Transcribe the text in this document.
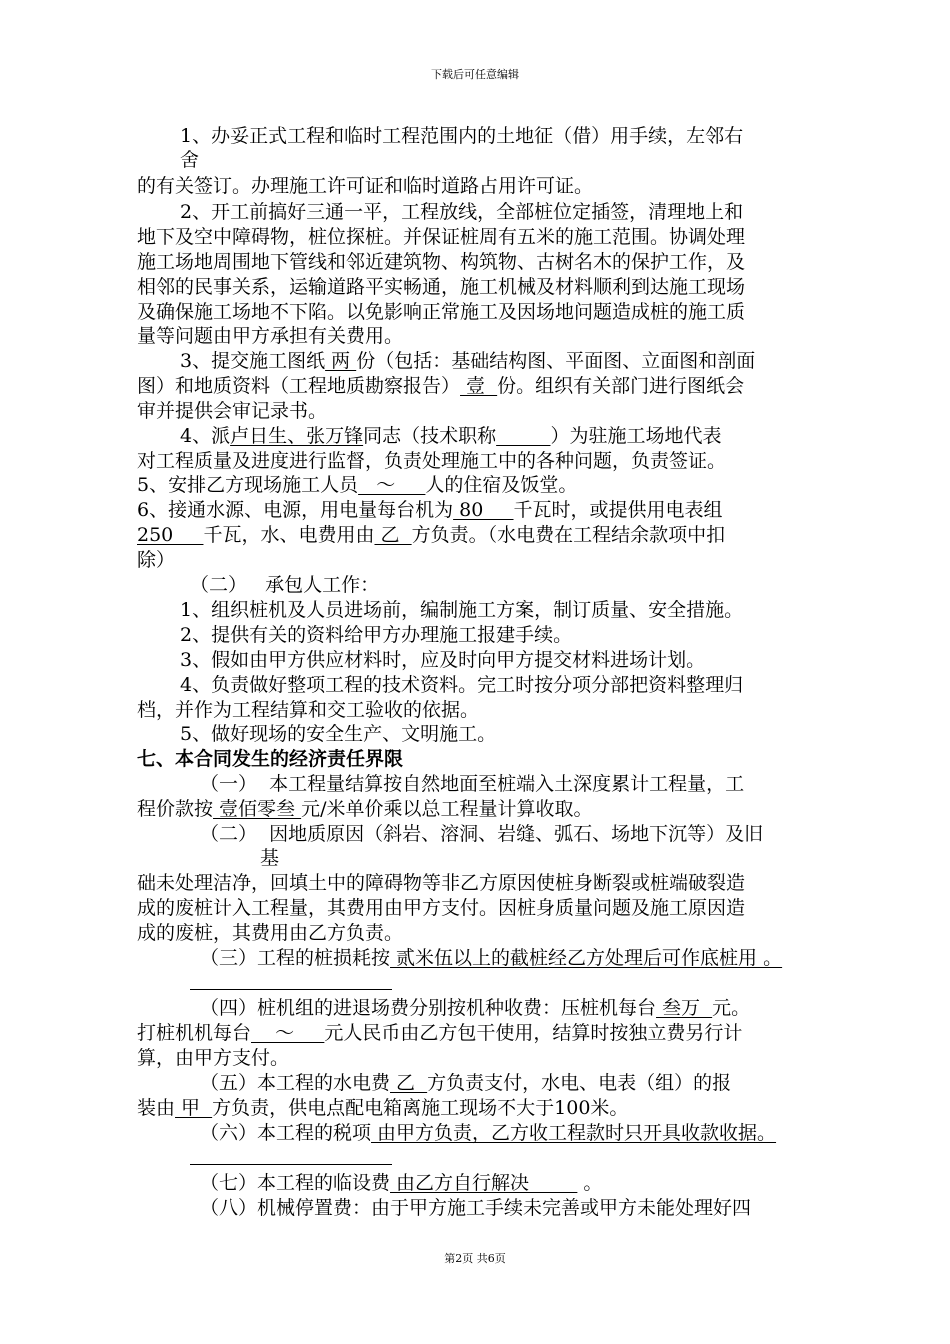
下载后可任意编辑
1、办妥正式工程和临时工程范围内的土地征（借）用手续，左邻右
舍
的有关签订。办理施工许可证和临时道路占用许可证。
2、开工前搞好三通一平，工程放线，全部桩位定插签，清理地上和
地下及空中障碍物，桩位探桩。并保证桩周有五米的施工范围。协调处理
施工场地周围地下管线和邻近建筑物、构筑物、古树名木的保护工作，及
相邻的民事关系，运输道路平实畅通，施工机械及材料顺利到达施工现场
及确保施工场地不下陷。以免影响正常施工及因场地问题造成桩的施工质
量等问题由甲方承担有关费用。
3、提交施工图纸 两 份（包括：基础结构图、平面图、立面图和剖面
图）和地质资料（工程地质勘察报告） 壹  份。组织有关部门进行图纸会
审并提供会审记录书。
4、派卢日生、张万锋同志（技术职称	）为驻施工场地代表
对工程质量及进度进行监督，负责处理施工中的各种问题，负责签证。
5、安排乙方现场施工人员   ～     人的住宿及饭堂。
6、接通水源、电源，用电量每台机为 80     千瓦时，或提供用电表组
250     千瓦，水、电费用由 乙  方负责。（水电费在工程结余款项中扣
除）
（二）   承包人工作：
1、组织桩机及人员进场前，编制施工方案，制订质量、安全措施。
2、提供有关的资料给甲方办理施工报建手续。
3、假如由甲方供应材料时，应及时向甲方提交材料进场计划。
4、负责做好整项工程的技术资料。完工时按分项分部把资料整理归
档，并作为工程结算和交工验收的依据。
5、做好现场的安全生产、文明施工。
七、本合同发生的经济责任界限
（一）  本工程量结算按自然地面至桩端入土深度累计工程量，工
程价款按 壹佰零叁 元/米单价乘以总工程量计算收取。
（二）  因地质原因（斜岩、溶洞、岩缝、弧石、场地下沉等）及旧
基
础未处理洁净，回填土中的障碍物等非乙方原因使桩身断裂或桩端破裂造
成的废桩计入工程量，其费用由甲方支付。因桩身质量问题及施工原因造
成的废桩，其费用由乙方负责。
（三）工程的桩损耗按 贰米伍以上的截桩经乙方处理后可作底桩用 。
（四）桩机组的进退场费分别按机种收费：压桩机每台 叁万  元。
打桩机机每台    ～     元人民币由乙方包干使用，结算时按独立费另行计
算，由甲方支付。
（五）本工程的水电费 乙  方负责支付，水电、电表（组）的报
装由 甲  方负责，供电点配电箱离施工现场不大于100米。
（六）本工程的税项 由甲方负责，乙方收工程款时只开具收款收据。
（七）本工程的临设费 由乙方自行解决         。
（八）机械停置费：由于甲方施工手续未完善或甲方未能处理好四
第2页 共6页
